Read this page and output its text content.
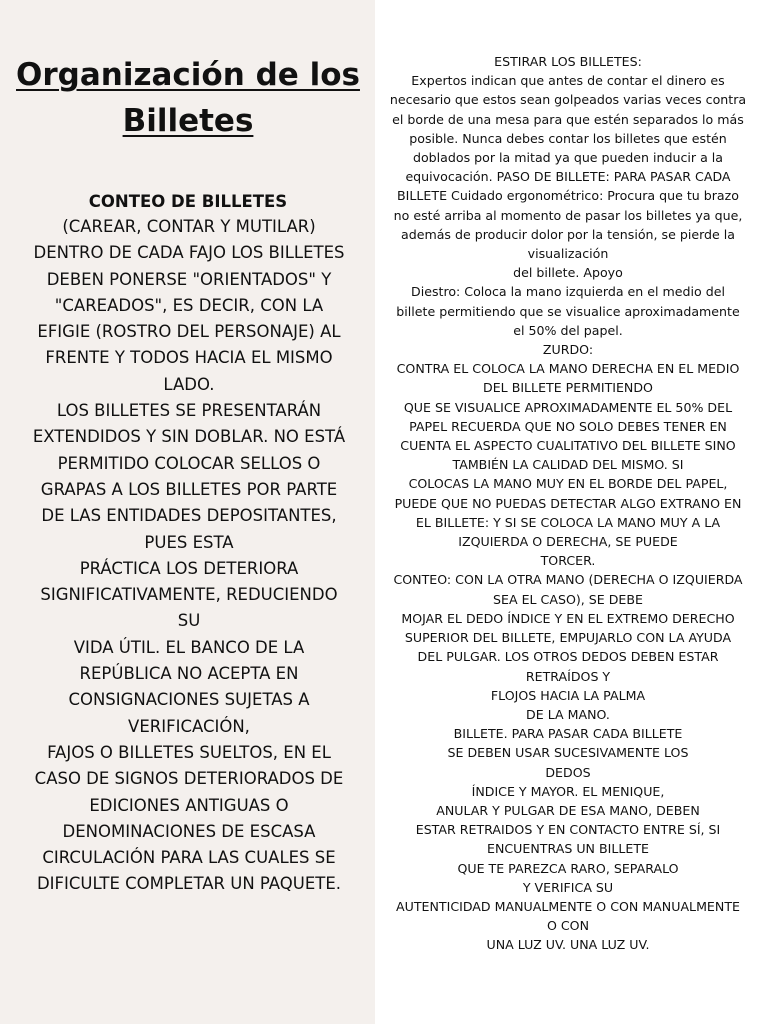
Organización de los Billetes
CONTEO DE BILLETES
(CAREAR, CONTAR Y MUTILAR)
DENTRO DE CADA FAJO LOS BILLETES
DEBEN PONERSE "ORIENTADOS" Y
"CAREADOS", ES DECIR, CON LA
EFIGIE (ROSTRO DEL PERSONAJE) AL
FRENTE Y TODOS HACIA EL MISMO
LADO.
LOS BILLETES SE PRESENTARÁN
EXTENDIDOS Y SIN DOBLAR. NO ESTÁ
PERMITIDO COLOCAR SELLOS O
GRAPAS A LOS BILLETES POR PARTE
DE LAS ENTIDADES DEPOSITANTES,
PUES ESTA
PRÁCTICA LOS DETERIORA
SIGNIFICATIVAMENTE, REDUCIENDO
SU
VIDA ÚTIL. EL BANCO DE LA
REPÚBLICA NO ACEPTA EN
CONSIGNACIONES SUJETAS A
VERIFICACIÓN,
FAJOS O BILLETES SUELTOS, EN EL
CASO DE SIGNOS DETERIORADOS DE
EDICIONES ANTIGUAS O
DENOMINACIONES DE ESCASA
CIRCULACIÓN PARA LAS CUALES SE
DIFICULTE COMPLETAR UN PAQUETE.
ESTIRAR LOS BILLETES:
Expertos indican que antes de contar el dinero es
necesario que estos sean golpeados varias veces contra
el borde de una mesa para que estén separados lo más
posible. Nunca debes contar los billetes que estén
doblados por la mitad ya que pueden inducir a la
equivocación. PASO DE BILLETE: PARA PASAR CADA
BILLETE Cuidado ergonométrico: Procura que tu brazo
no esté arriba al momento de pasar los billetes ya que,
además de producir dolor por la tensión, se pierde la
visualización
del billete. Apoyo
Diestro: Coloca la mano izquierda en el medio del
billete permitiendo que se visualice aproximadamente
el 50% del papel.
ZURDO:
CONTRA EL COLOCA LA MANO DERECHA EN EL MEDIO
DEL BILLETE PERMITIENDO
QUE SE VISUALICE APROXIMADAMENTE EL 50% DEL
PAPEL RECUERDA QUE NO SOLO DEBES TENER EN
CUENTA EL ASPECTO CUALITATIVO DEL BILLETE SINO
TAMBIÉN LA CALIDAD DEL MISMO. SI
COLOCAS LA MANO MUY EN EL BORDE DEL PAPEL,
PUEDE QUE NO PUEDAS DETECTAR ALGO EXTRANO EN
EL BILLETE: Y SI SE COLOCA LA MANO MUY A LA
IZQUIERDA O DERECHA, SE PUEDE
TORCER.
CONTEO: CON LA OTRA MANO (DERECHA O IZQUIERDA
SEA EL CASO), SE DEBE
MOJAR EL DEDO ÍNDICE Y EN EL EXTREMO DERECHO
SUPERIOR DEL BILLETE, EMPUJARLO CON LA AYUDA
DEL PULGAR. LOS OTROS DEDOS DEBEN ESTAR
RETRAÍDOS Y
FLOJOS HACIA LA PALMA
DE LA MANO.
BILLETE. PARA PASAR CADA BILLETE
SE DEBEN USAR SUCESIVAMENTE LOS
DEDOS
ÍNDICE Y MAYOR. EL MENIQUE,
ANULAR Y PULGAR DE ESA MANO, DEBEN
ESTAR RETRAIDOS Y EN CONTACTO ENTRE SÍ, SI
ENCUENTRAS UN BILLETE
QUE TE PAREZCA RARO, SEPARALO
Y VERIFICA SU
AUTENTICIDAD MANUALMENTE O CON MANUALMENTE
O CON
UNA LUZ UV. UNA LUZ UV.
